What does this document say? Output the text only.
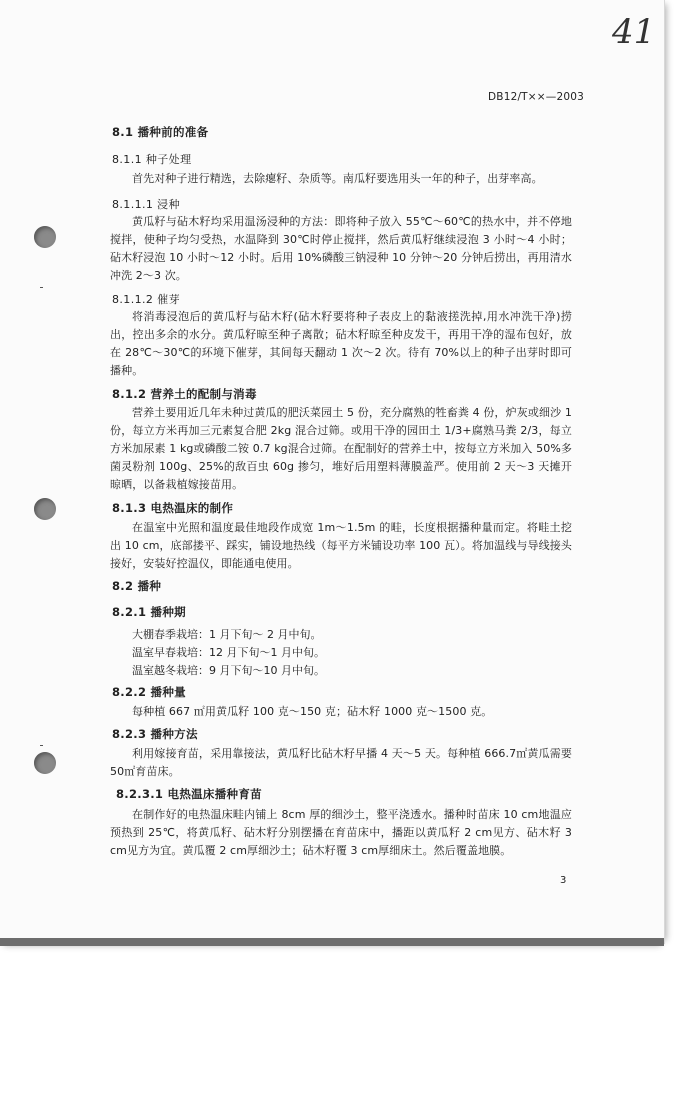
41
DB12/T××—2003
8.1 播种前的准备
8.1.1 种子处理
首先对种子进行精选，去除瘪籽、杂质等。南瓜籽要选用头一年的种子，出芽率高。
8.1.1.1 浸种
黄瓜籽与砧木籽均采用温汤浸种的方法：即将种子放入 55℃～60℃的热水中，并不停地搅拌，使种子均匀受热，水温降到 30℃时停止搅拌，然后黄瓜籽继续浸泡 3 小时～4 小时；砧木籽浸泡 10 小时～12 小时。后用 10%磷酸三钠浸种 10 分钟～20 分钟后捞出，再用清水冲洗 2～3 次。
8.1.1.2 催芽
将消毒浸泡后的黄瓜籽与砧木籽(砧木籽要将种子表皮上的黏液搓洗掉,用水冲洗干净)捞出，控出多余的水分。黄瓜籽晾至种子离散；砧木籽晾至种皮发干，再用干净的湿布包好，放在 28℃～30℃的环境下催芽，其间每天翻动 1 次～2 次。待有 70%以上的种子出芽时即可播种。
8.1.2 营养土的配制与消毒
营养土要用近几年未种过黄瓜的肥沃菜园土 5 份，充分腐熟的牲畜粪 4 份，炉灰或细沙 1 份，每立方米再加三元素复合肥 2kg 混合过筛。或用干净的园田土 1/3+腐熟马粪 2/3，每立方米加尿素 1 kg或磷酸二铵 0.7 kg混合过筛。在配制好的营养土中，按每立方米加入 50%多菌灵粉剂 100g、25%的敌百虫 60g 掺匀，堆好后用塑料薄膜盖严。使用前 2 天～3 天摊开晾晒，以备栽植嫁接苗用。
8.1.3 电热温床的制作
在温室中光照和温度最佳地段作成宽 1m～1.5m 的畦，长度根据播种量而定。将畦土挖出 10 cm，底部搂平、踩实，铺设地热线（每平方米铺设功率 100 瓦）。将加温线与导线接头接好，安装好控温仪，即能通电使用。
8.2 播种
8.2.1 播种期
大棚春季栽培：1 月下旬～ 2 月中旬。
温室早春栽培：12 月下旬～1 月中旬。
温室越冬栽培：9 月下旬～10 月中旬。
8.2.2 播种量
每种植 667 ㎡用黄瓜籽 100 克～150 克；砧木籽 1000 克～1500 克。
8.2.3 播种方法
利用嫁接育苗，采用靠接法，黄瓜籽比砧木籽早播 4 天～5 天。每种植 666.7㎡黄瓜需要 50㎡育苗床。
8.2.3.1 电热温床播种育苗
在制作好的电热温床畦内铺上 8cm 厚的细沙土，整平浇透水。播种时苗床 10 cm地温应预热到 25℃，将黄瓜籽、砧木籽分别摆播在育苗床中，播距以黄瓜籽 2 cm见方、砧木籽 3 cm见方为宜。黄瓜覆 2 cm厚细沙土；砧木籽覆 3 cm厚细床土。然后覆盖地膜。
3
